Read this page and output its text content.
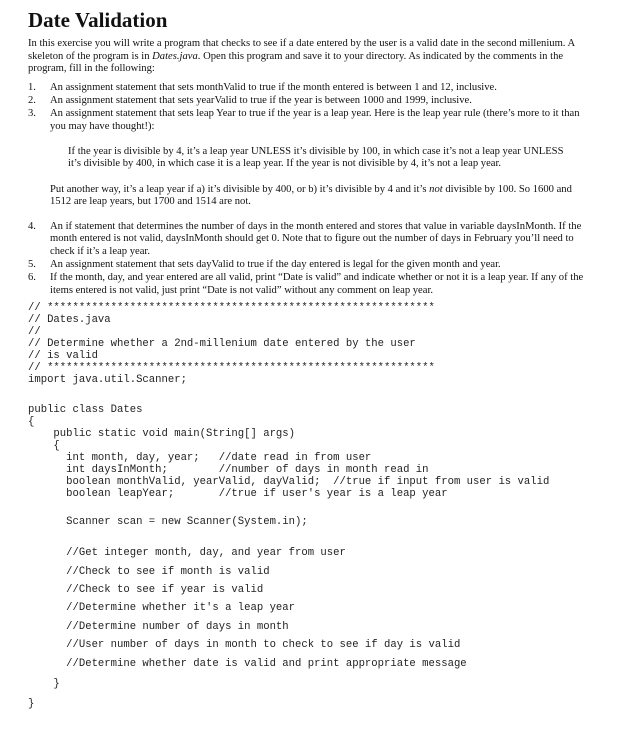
Date Validation

In this exercise you will write a program that checks to see if a date entered by the user is a valid date in the second millenium. A skeleton of the program is in Dates.java. Open this program and save it to your directory. As indicated by the comments in the program, fill in the following:

1. An assignment statement that sets monthValid to true if the month entered is between 1 and 12, inclusive.
2. An assignment statement that sets yearValid to true if the year is between 1000 and 1999, inclusive.
3. An assignment statement that sets leap Year to true if the year is a leap year. Here is the leap year rule (there’s more to it than you may have thought!):
If the year is divisible by 4, it’s a leap year UNLESS it’s divisible by 100, in which case it’s not a leap year UNLESS it’s divisible by 400, in which case it is a leap year. If the year is not divisible by 4, it’s not a leap year.
Put another way, it’s a leap year if a) it’s divisible by 400, or b) it’s divisible by 4 and it’s not divisible by 100. So 1600 and 1512 are leap years, but 1700 and 1514 are not.
4. An if statement that determines the number of days in the month entered and stores that value in variable daysInMonth. If the month entered is not valid, daysInMonth should get 0. Note that to figure out the number of days in February you’ll need to check if it’s a leap year.
5. An assignment statement that sets dayValid to true if the day entered is legal for the given month and year.
6. If the month, day, and year entered are all valid, print “Date is valid” and indicate whether or not it is a leap year. If any of the items entered is not valid, just print “Date is not valid” without any comment on leap year.
// *************************************************************
// Dates.java
//
// Determine whether a 2nd-millenium date entered by the user
// is valid
// *************************************************************
import java.util.Scanner;
public class Dates
{
public static void main(String[] args)
{
int month, day, year;   //date read in from user
int daysInMonth;        //number of days in month read in
boolean monthValid, yearValid, dayValid;  //true if input from user is valid
boolean leapYear;       //true if user's year is a leap year
Scanner scan = new Scanner(System.in);
//Get integer month, day, and year from user
//Check to see if month is valid
//Check to see if year is valid
//Determine whether it's a leap year
//Determine number of days in month
//User number of days in month to check to see if day is valid
//Determine whether date is valid and print appropriate message
}
}
